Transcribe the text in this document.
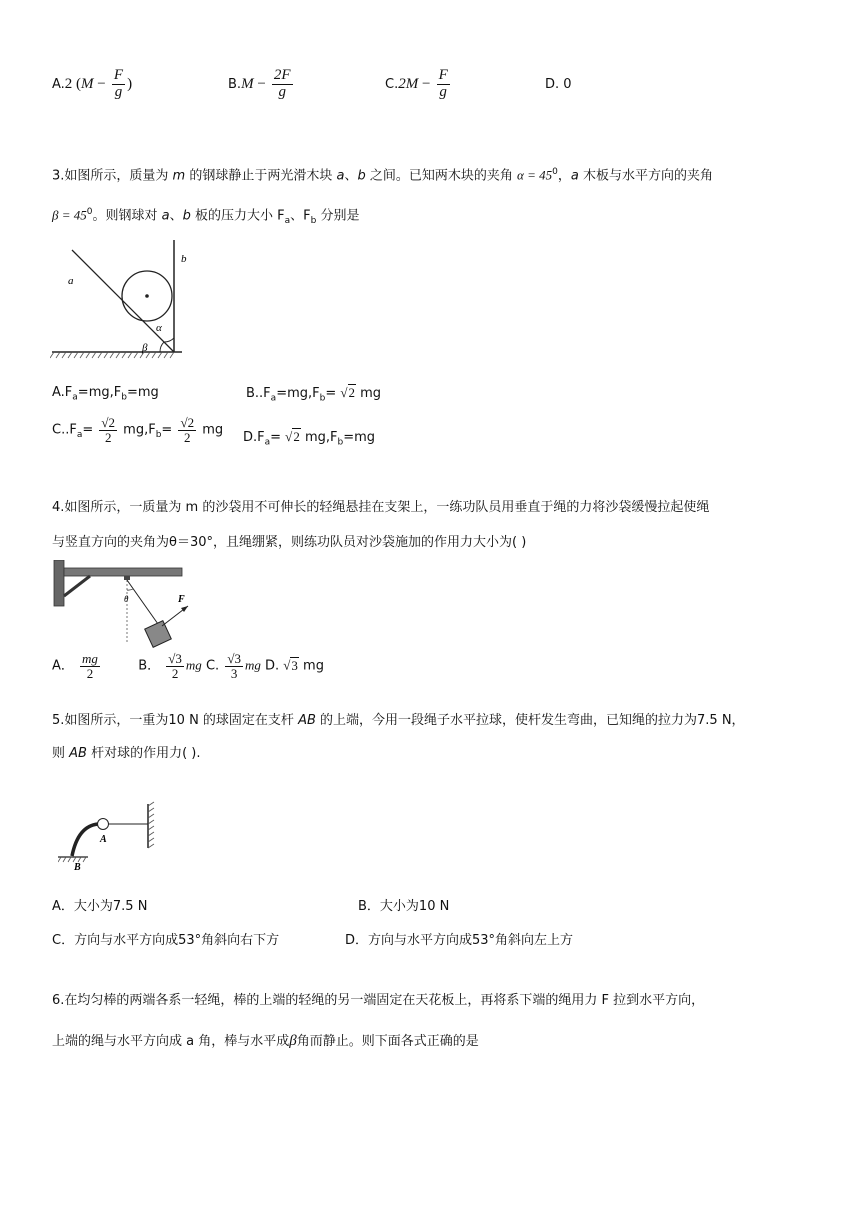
A.2 ($M - \frac{F}{g}$ )	$B.M - \frac{2F}{g}$	$C.2M - \frac{F}{g}$	D. 0
3.如图所示，质量为 m 的钢球静止于两光滑木块 a、b 之间。已知两木块的夹角 $\alpha = 45^0$，a 木板与水平方向的夹角
$\beta = 45^0$。则钢球对 a、b 板的压力大小 $F_a$、$F_b$ 分别是
a
b
α
β
$A.F_a=mg,F_b=mg$	$B..F_a=mg,F_b= √2$ mg
$C..F_a= \frac{√2}{2} mg,F_b= \frac{√2}{2}$ mg $D.F_a= √2$ $mg,F_b=mg$
4.如图所示，一质量为 m 的沙袋用不可伸长的轻绳悬挂在支架上，一练功队员用垂直于绳的力将沙袋缓慢拉起使绳
与竖直方向的夹角为θ＝30°，且绳绷紧，则练功队员对沙袋施加的作用力大小为( )
θ	F
A． $\frac{mg}{2}$	B． $\frac{√3}{2}$ mg C. $\frac{√3}{3}$ mg D. √3 mg
5.如图所示，一重为10 N 的球固定在支杆 AB 的上端，今用一段绳子水平拉球，使杆发生弯曲，已知绳的拉力为7.5 N，
则 AB 杆对球的作用力( ).
A
B
A．大小为7.5 N	B．大小为10 N
C．方向与水平方向成53°角斜向右下方	D．方向与水平方向成53°角斜向左上方
6.在均匀棒的两端各系一轻绳，棒的上端的轻绳的另一端固定在天花板上，再将系下端的绳用力 F 拉到水平方向，
上端的绳与水平方向成 a 角，棒与水平成β角而静止。则下面各式正确的是
